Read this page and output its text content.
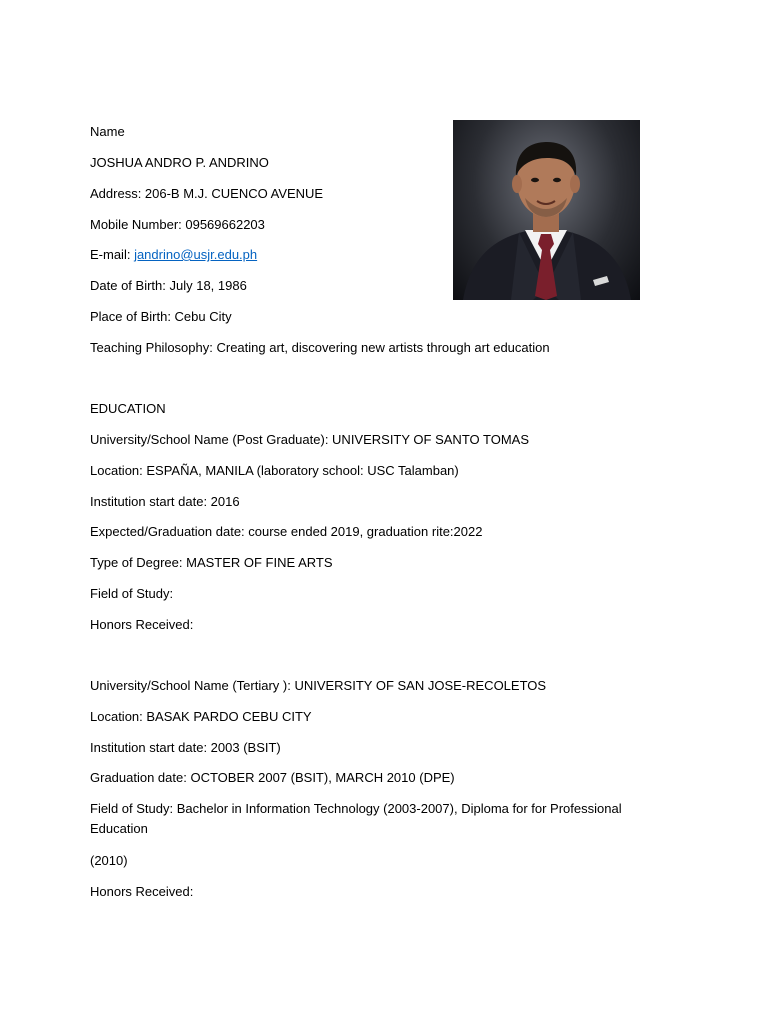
Name

JOSHUA ANDRO P. ANDRINO

Address: 206-B M.J. CUENCO AVENUE

Mobile Number: 09569662203

E-mail: jandrino@usjr.edu.ph

Date of Birth: July 18, 1986

Place of Birth: Cebu City

Teaching Philosophy: Creating art, discovering new artists through art education

EDUCATION

University/School Name (Post Graduate): UNIVERSITY OF SANTO TOMAS

Location: ESPAÑA, MANILA (laboratory school: USC Talamban)

Institution start date: 2016

Expected/Graduation date: course ended 2019, graduation rite:2022

Type of Degree: MASTER OF FINE ARTS

Field of Study:

Honors Received:

University/School Name (Tertiary ): UNIVERSITY OF SAN JOSE-RECOLETOS

Location: BASAK PARDO CEBU CITY

Institution start date: 2003 (BSIT)

Graduation date: OCTOBER 2007 (BSIT), MARCH 2010 (DPE)

Field of Study: Bachelor in Information Technology (2003-2007), Diploma for for Professional Education

(2010)

Honors Received:
